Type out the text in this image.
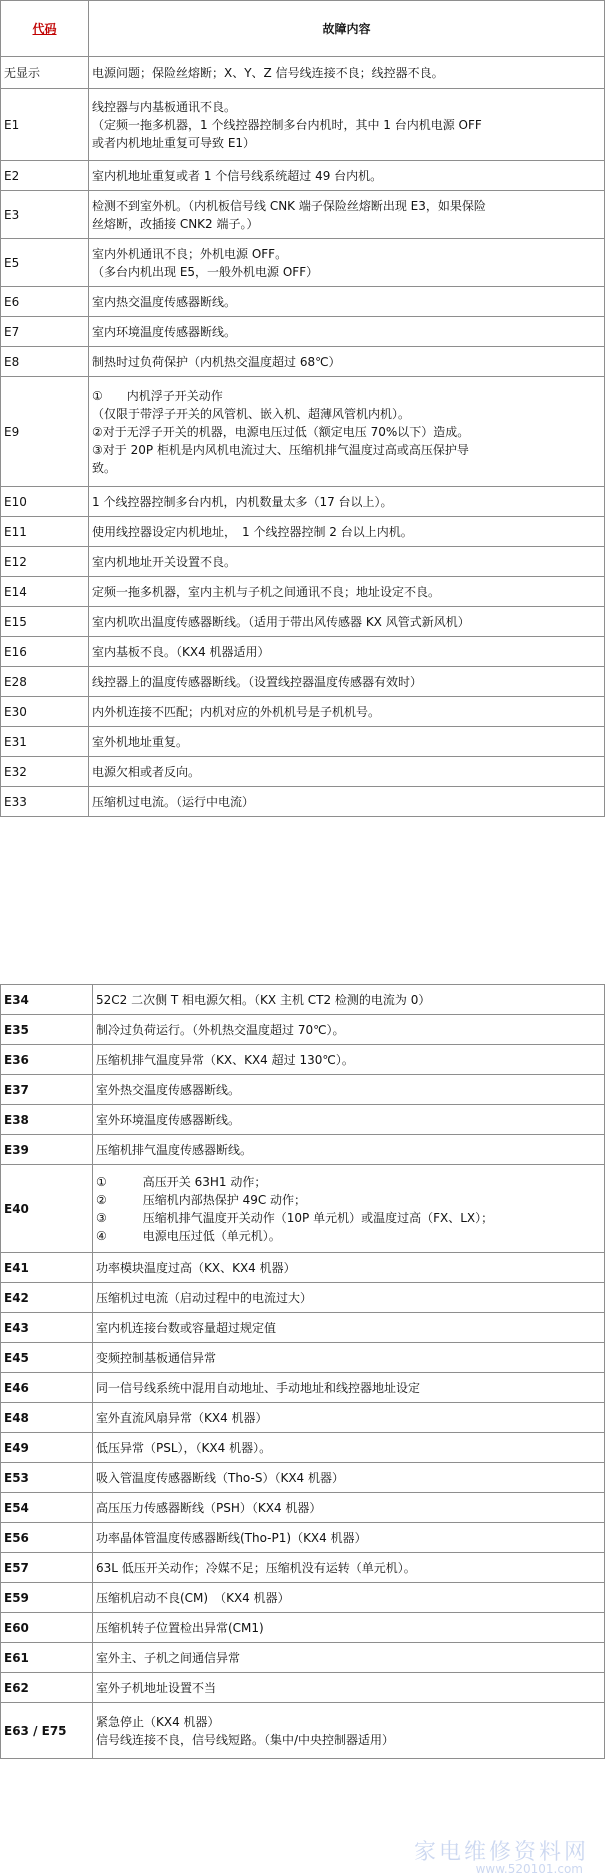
代码	故障内容
无显示	电源问题；保险丝熔断；X、Y、Z 信号线连接不良；线控器不良。

E1	线控器与内基板通讯不良。
（定频一拖多机器，1 个线控器控制多台内机时，其中 1 台内机电源 OFF
或者内机地址重复可导致 E1）

E2	室内机地址重复或者 1 个信号线系统超过 49 台内机。

E3	检测不到室外机。（内机板信号线 CNK 端子保险丝熔断出现 E3，如果保险
丝熔断，改插接 CNK2 端子。）

E5	室内外机通讯不良；外机电源 OFF。
（多台内机出现 E5，一般外机电源 OFF）

E6	室内热交温度传感器断线。

E7	室内环境温度传感器断线。

E8	制热时过负荷保护（内机热交温度超过 68℃）

E9	①　　内机浮子开关动作
（仅限于带浮子开关的风管机、嵌入机、超薄风管机内机）。
②对于无浮子开关的机器，电源电压过低（额定电压 70%以下）造成。
③对于 20P 柜机是内风机电流过大、压缩机排气温度过高或高压保护导
致。

E10	1 个线控器控制多台内机，内机数量太多（17 台以上）。

E11	使用线控器设定内机地址，　1 个线控器控制 2 台以上内机。

E12	室内机地址开关设置不良。

E14	定频一拖多机器，室内主机与子机之间通讯不良；地址设定不良。

E15	室内机吹出温度传感器断线。（适用于带出风传感器 KX 风管式新风机）

E16	室内基板不良。（KX4 机器适用）

E28	线控器上的温度传感器断线。（设置线控器温度传感器有效时）

E30	内外机连接不匹配；内机对应的外机机号是子机机号。

E31	室外机地址重复。

E32	电源欠相或者反向。

E33	压缩机过电流。（运行中电流）
E34	52C2 二次侧 T 相电源欠相。（KX 主机 CT2 检测的电流为 0）

E35	制冷过负荷运行。（外机热交温度超过 70℃）。

E36	压缩机排气温度异常（KX、KX4 超过 130℃）。

E37	室外热交温度传感器断线。

E38	室外环境温度传感器断线。

E39	压缩机排气温度传感器断线。

E40	①　　　高压开关 63H1 动作；
②　　　压缩机内部热保护 49C 动作；
③　　　压缩机排气温度开关动作（10P 单元机）或温度过高（FX、LX）；
④　　　电源电压过低（单元机）。

E41	功率模块温度过高（KX、KX4 机器）

E42	压缩机过电流（启动过程中的电流过大）

E43	室内机连接台数或容量超过规定值

E45	变频控制基板通信异常

E46	同一信号线系统中混用自动地址、手动地址和线控器地址设定

E48	室外直流风扇异常（KX4 机器）

E49	低压异常（PSL），（KX4 机器）。

E53	吸入管温度传感器断线（Tho-S）（KX4 机器）

E54	高压压力传感器断线（PSH）（KX4 机器）

E56	功率晶体管温度传感器断线(Tho-P1)（KX4 机器）

E57	63L 低压开关动作；冷媒不足；压缩机没有运转（单元机）。

E59	压缩机启动不良(CM)　（KX4 机器）

E60	压缩机转子位置检出异常(CM1)

E61	室外主、子机之间通信异常

E62	室外子机地址设置不当

E63 / E75	紧急停止（KX4 机器）
信号线连接不良，信号线短路。（集中/中央控制器适用）
家电维修资料网
www.520101.com
